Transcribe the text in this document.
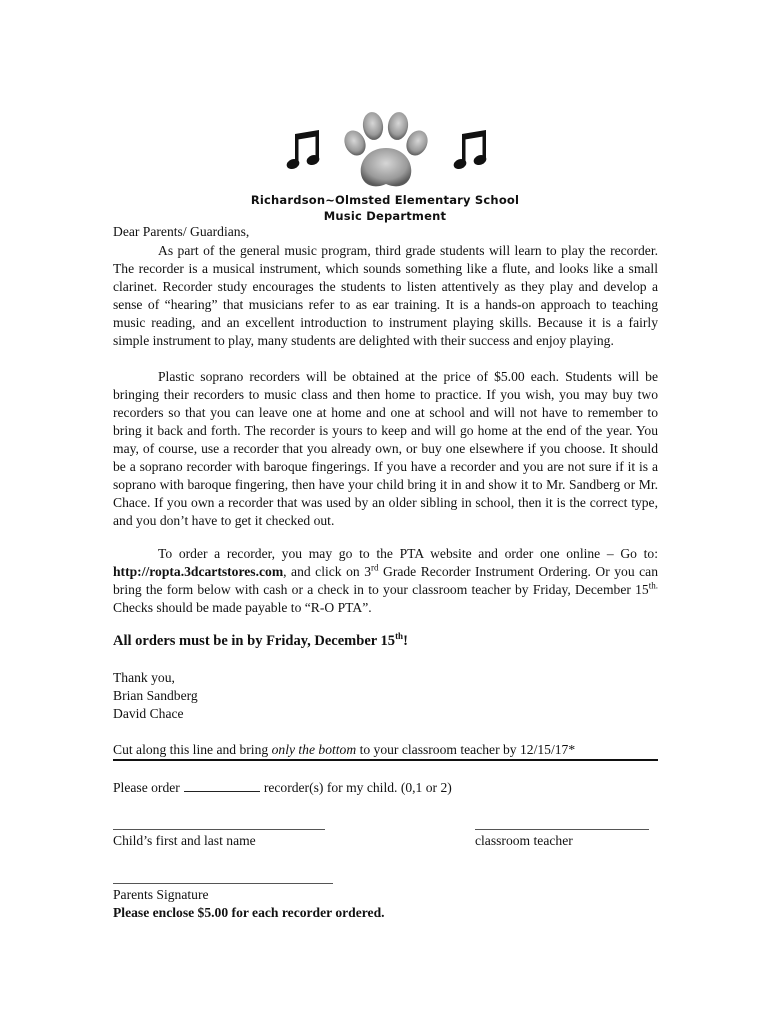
Richardson~Olmsted Elementary School
Music Department
Dear Parents/ Guardians,
As part of the general music program, third grade students will learn to play the recorder. The recorder is a musical instrument, which sounds something like a flute, and looks like a small clarinet. Recorder study encourages the students to listen attentively as they play and develop a sense of “hearing” that musicians refer to as ear training. It is a hands-on approach to teaching music reading, and an excellent introduction to instrument playing skills. Because it is a fairly simple instrument to play, many students are delighted with their success and enjoy playing.
Plastic soprano recorders will be obtained at the price of $5.00 each. Students will be bringing their recorders to music class and then home to practice. If you wish, you may buy two recorders so that you can leave one at home and one at school and will not have to remember to bring it back and forth. The recorder is yours to keep and will go home at the end of the year. You may, of course, use a recorder that you already own, or buy one elsewhere if you choose. It should be a soprano recorder with baroque fingerings. If you have a recorder and you are not sure if it is a soprano with baroque fingering, then have your child bring it in and show it to Mr. Sandberg or Mr. Chace. If you own a recorder that was used by an older sibling in school, then it is the correct type, and you don’t have to get it checked out.
To order a recorder, you may go to the PTA website and order one online – Go to: http://ropta.3dcartstores.com, and click on 3rd Grade Recorder Instrument Ordering. Or you can bring the form below with cash or a check in to your classroom teacher by Friday, December $15^{th.}$ Checks should be made payable to “R-O PTA”.
All orders must be in by Friday, December 15th!
Thank you,
Brian Sandberg
David Chace
Cut along this line and bring only the bottom to your classroom teacher by 12/15/17*
Please order	recorder(s) for my child. (0,1 or 2)
Child’s first and last name	classroom teacher
Parents Signature
Please enclose $5.00 for each recorder ordered.
